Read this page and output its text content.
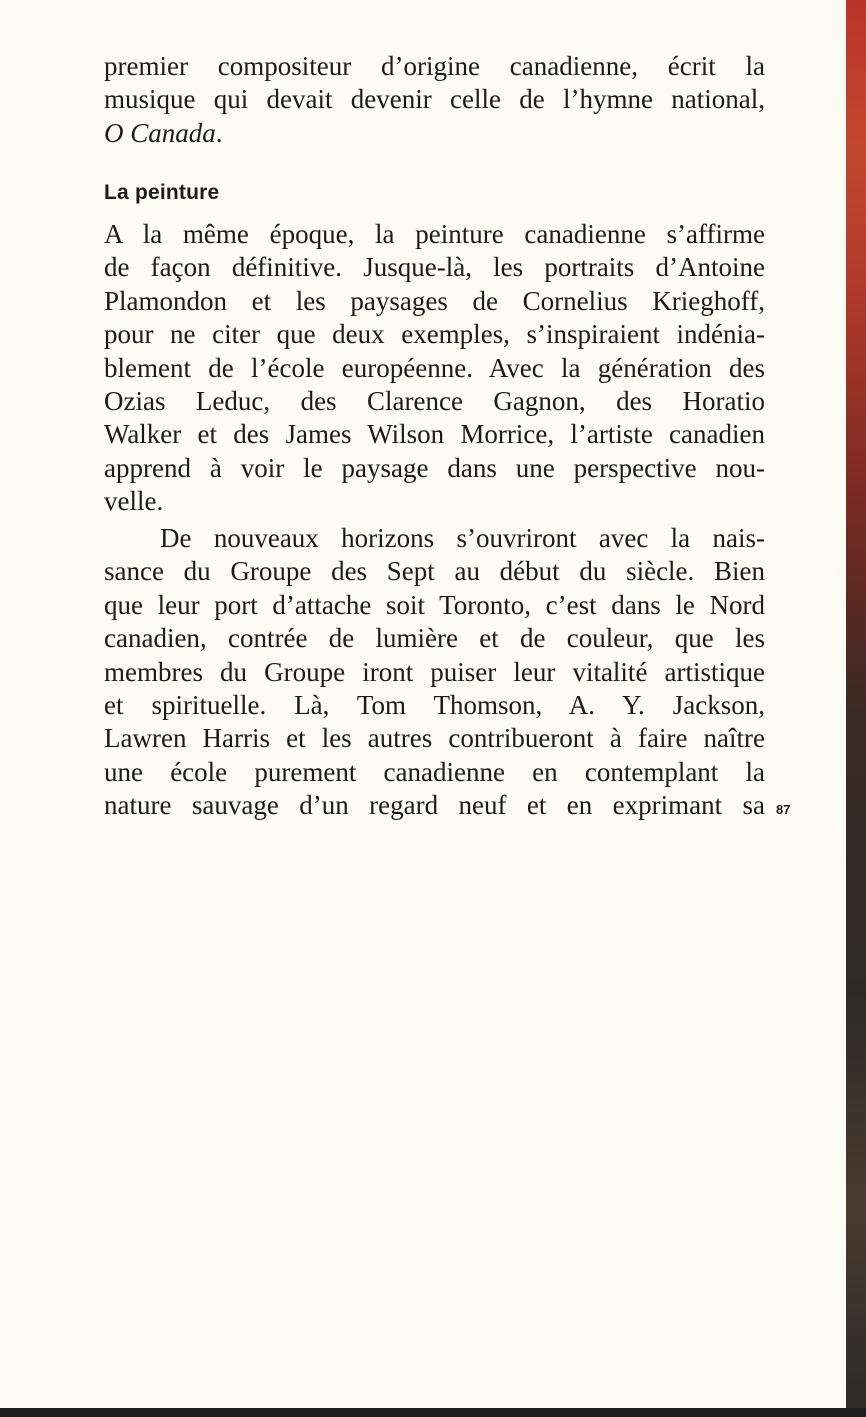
premier compositeur d’origine canadienne, écrit la
musique qui devait devenir celle de l’hymne national,
O Canada.
La peinture
A la même époque, la peinture canadienne s’affirme
de façon définitive. Jusque-là, les portraits d’Antoine
Plamondon et les paysages de Cornelius Krieghoff,
pour ne citer que deux exemples, s’inspiraient indénia-
blement de l’école européenne. Avec la génération des
Ozias Leduc, des Clarence Gagnon, des Horatio
Walker et des James Wilson Morrice, l’artiste canadien
apprend à voir le paysage dans une perspective nou-
velle.
De nouveaux horizons s’ouvriront avec la nais-
sance du Groupe des Sept au début du siècle. Bien
que leur port d’attache soit Toronto, c’est dans le Nord
canadien, contrée de lumière et de couleur, que les
membres du Groupe iront puiser leur vitalité artistique
et spirituelle. Là, Tom Thomson, A. Y. Jackson,
Lawren Harris et les autres contribueront à faire naître
une école purement canadienne en contemplant la
nature sauvage d’un regard neuf et en exprimant sa 87
